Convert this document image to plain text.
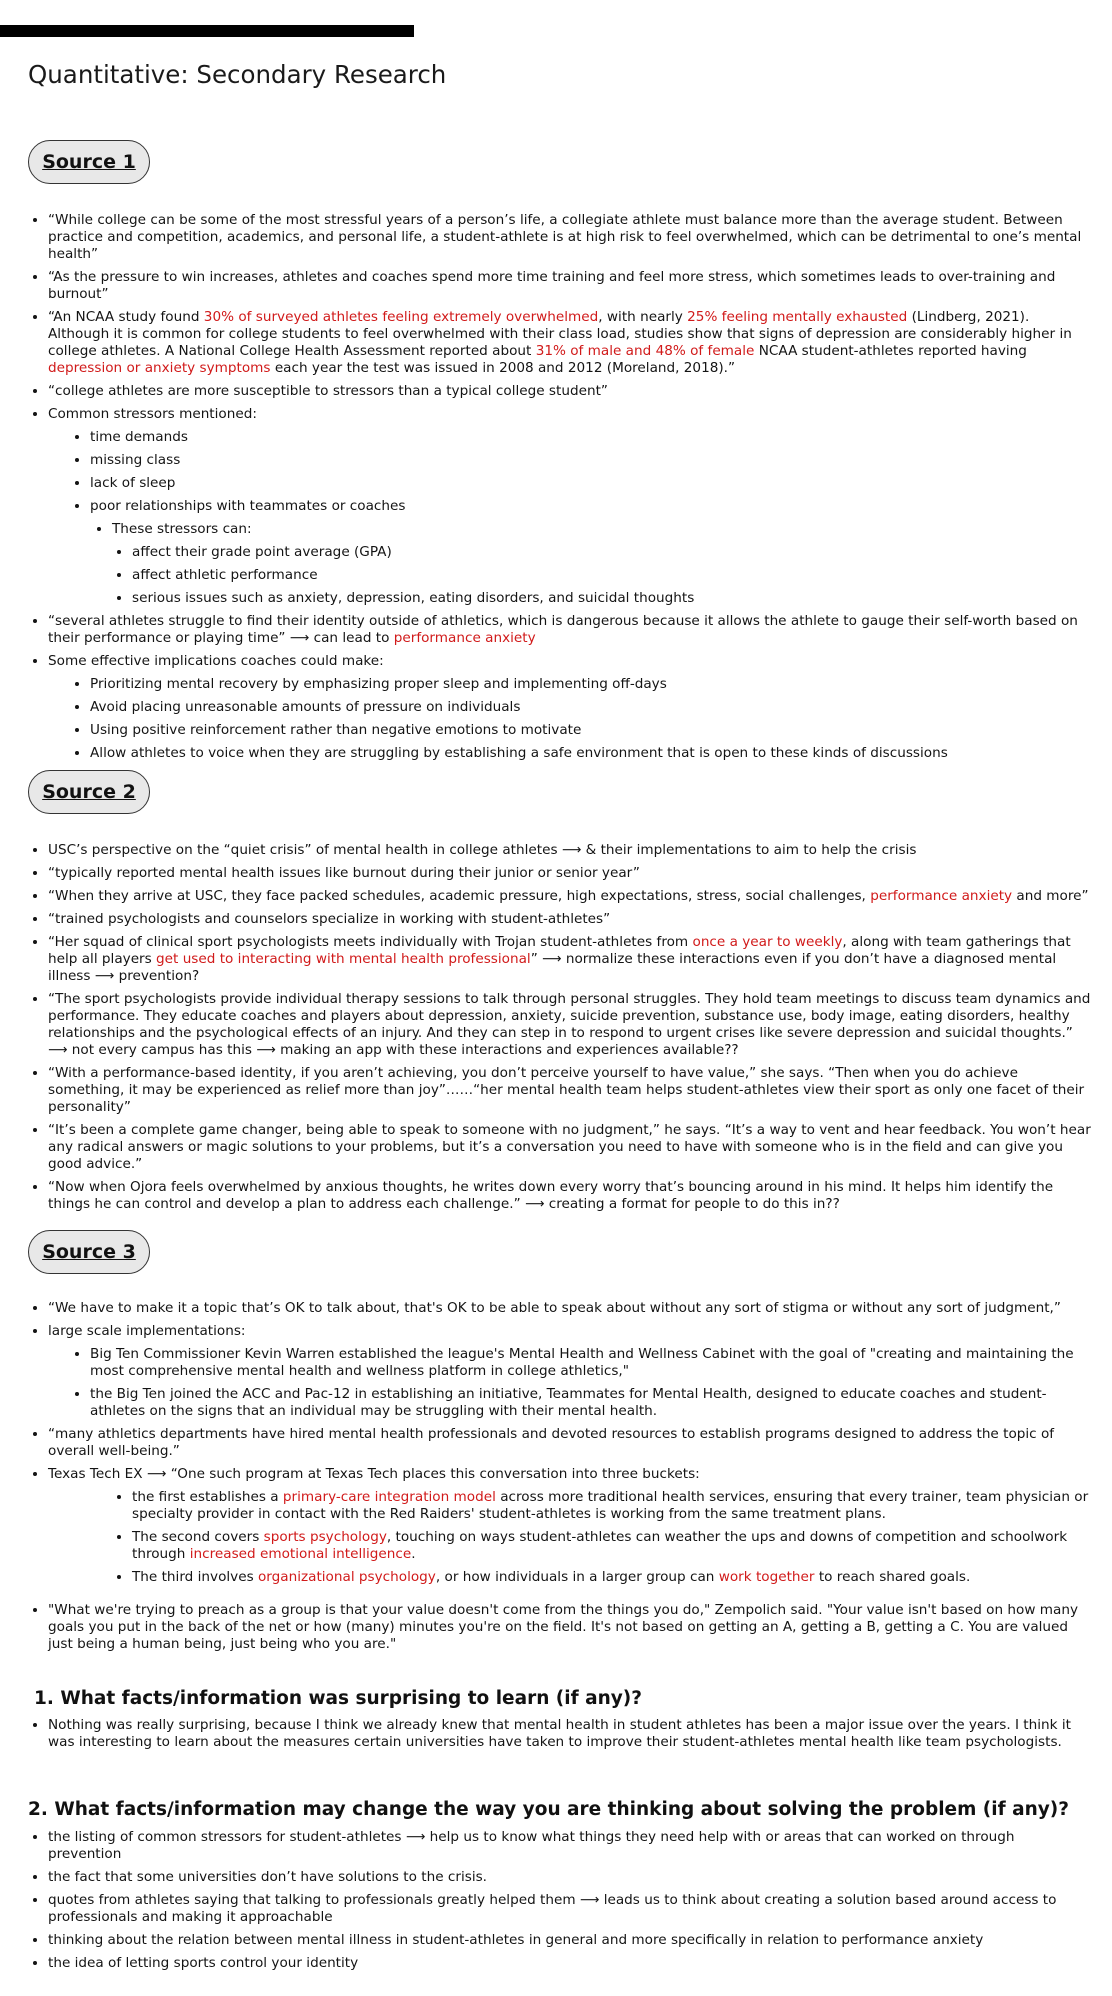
Quantitative: Secondary Research
Source 1
• “While college can be some of the most stressful years of a person’s life, a collegiate athlete must balance more than the average student. Between practice and competition, academics, and personal life, a student-athlete is at high risk to feel overwhelmed, which can be detrimental to one’s mental health”
• “As the pressure to win increases, athletes and coaches spend more time training and feel more stress, which sometimes leads to over-training and burnout”
• “An NCAA study found 30% of surveyed athletes feeling extremely overwhelmed, with nearly 25% feeling mentally exhausted (Lindberg, 2021). Although it is common for college students to feel overwhelmed with their class load, studies show that signs of depression are considerably higher in college athletes. A National College Health Assessment reported about 31% of male and 48% of female NCAA student-athletes reported having depression or anxiety symptoms each year the test was issued in 2008 and 2012 (Moreland, 2018).”
• “college athletes are more susceptible to stressors than a typical college student”
• Common stressors mentioned:
• time demands
• missing class
• lack of sleep
• poor relationships with teammates or coaches
• These stressors can:
• affect their grade point average (GPA)
• affect athletic performance
• serious issues such as anxiety, depression, eating disorders, and suicidal thoughts
• “several athletes struggle to find their identity outside of athletics, which is dangerous because it allows the athlete to gauge their self-worth based on their performance or playing time” ⟶ can lead to performance anxiety
• Some effective implications coaches could make:
• Prioritizing mental recovery by emphasizing proper sleep and implementing off-days
• Avoid placing unreasonable amounts of pressure on individuals
• Using positive reinforcement rather than negative emotions to motivate
• Allow athletes to voice when they are struggling by establishing a safe environment that is open to these kinds of discussions
Source 2
• USC’s perspective on the “quiet crisis” of mental health in college athletes ⟶ & their implementations to aim to help the crisis
• “typically reported mental health issues like burnout during their junior or senior year”
• “When they arrive at USC, they face packed schedules, academic pressure, high expectations, stress, social challenges, performance anxiety and more”
• “trained psychologists and counselors specialize in working with student-athletes”
• “Her squad of clinical sport psychologists meets individually with Trojan student-athletes from once a year to weekly, along with team gatherings that help all players get used to interacting with mental health professional” ⟶ normalize these interactions even if you don’t have a diagnosed mental illness ⟶ prevention?
• “The sport psychologists provide individual therapy sessions to talk through personal struggles. They hold team meetings to discuss team dynamics and performance. They educate coaches and players about depression, anxiety, suicide prevention, substance use, body image, eating disorders, healthy relationships and the psychological effects of an injury. And they can step in to respond to urgent crises like severe depression and suicidal thoughts.” ⟶ not every campus has this ⟶ making an app with these interactions and experiences available??
• “With a performance-based identity, if you aren’t achieving, you don’t perceive yourself to have value,” she says. “Then when you do achieve something, it may be experienced as relief more than joy”……“her mental health team helps student-athletes view their sport as only one facet of their personality”
• “It’s been a complete game changer, being able to speak to someone with no judgment,” he says. “It’s a way to vent and hear feedback. You won’t hear any radical answers or magic solutions to your problems, but it’s a conversation you need to have with someone who is in the field and can give you good advice.”
• “Now when Ojora feels overwhelmed by anxious thoughts, he writes down every worry that’s bouncing around in his mind. It helps him identify the things he can control and develop a plan to address each challenge.” ⟶ creating a format for people to do this in??
Source 3
• “We have to make it a topic that’s OK to talk about, that's OK to be able to speak about without any sort of stigma or without any sort of judgment,”
• large scale implementations:
• Big Ten Commissioner Kevin Warren established the league's Mental Health and Wellness Cabinet with the goal of "creating and maintaining the most comprehensive mental health and wellness platform in college athletics,"
• the Big Ten joined the ACC and Pac-12 in establishing an initiative, Teammates for Mental Health, designed to educate coaches and student-athletes on the signs that an individual may be struggling with their mental health.
• “many athletics departments have hired mental health professionals and devoted resources to establish programs designed to address the topic of overall well-being.”
• Texas Tech EX ⟶ “One such program at Texas Tech places this conversation into three buckets:
• the first establishes a primary-care integration model across more traditional health services, ensuring that every trainer, team physician or specialty provider in contact with the Red Raiders' student-athletes is working from the same treatment plans.
• The second covers sports psychology, touching on ways student-athletes can weather the ups and downs of competition and schoolwork through increased emotional intelligence.
• The third involves organizational psychology, or how individuals in a larger group can work together to reach shared goals.
• "What we're trying to preach as a group is that your value doesn't come from the things you do," Zempolich said. "Your value isn't based on how many goals you put in the back of the net or how (many) minutes you're on the field. It's not based on getting an A, getting a B, getting a C. You are valued just being a human being, just being who you are."
1. What facts/information was surprising to learn (if any)?
• Nothing was really surprising, because I think we already knew that mental health in student athletes has been a major issue over the years. I think it was interesting to learn about the measures certain universities have taken to improve their student-athletes mental health like team psychologists.
2. What facts/information may change the way you are thinking about solving the problem (if any)?
• the listing of common stressors for student-athletes ⟶ help us to know what things they need help with or areas that can worked on through prevention
• the fact that some universities don’t have solutions to the crisis.
• quotes from athletes saying that talking to professionals greatly helped them ⟶ leads us to think about creating a solution based around access to professionals and making it approachable
• thinking about the relation between mental illness in student-athletes in general and more specifically in relation to performance anxiety
• the idea of letting sports control your identity
